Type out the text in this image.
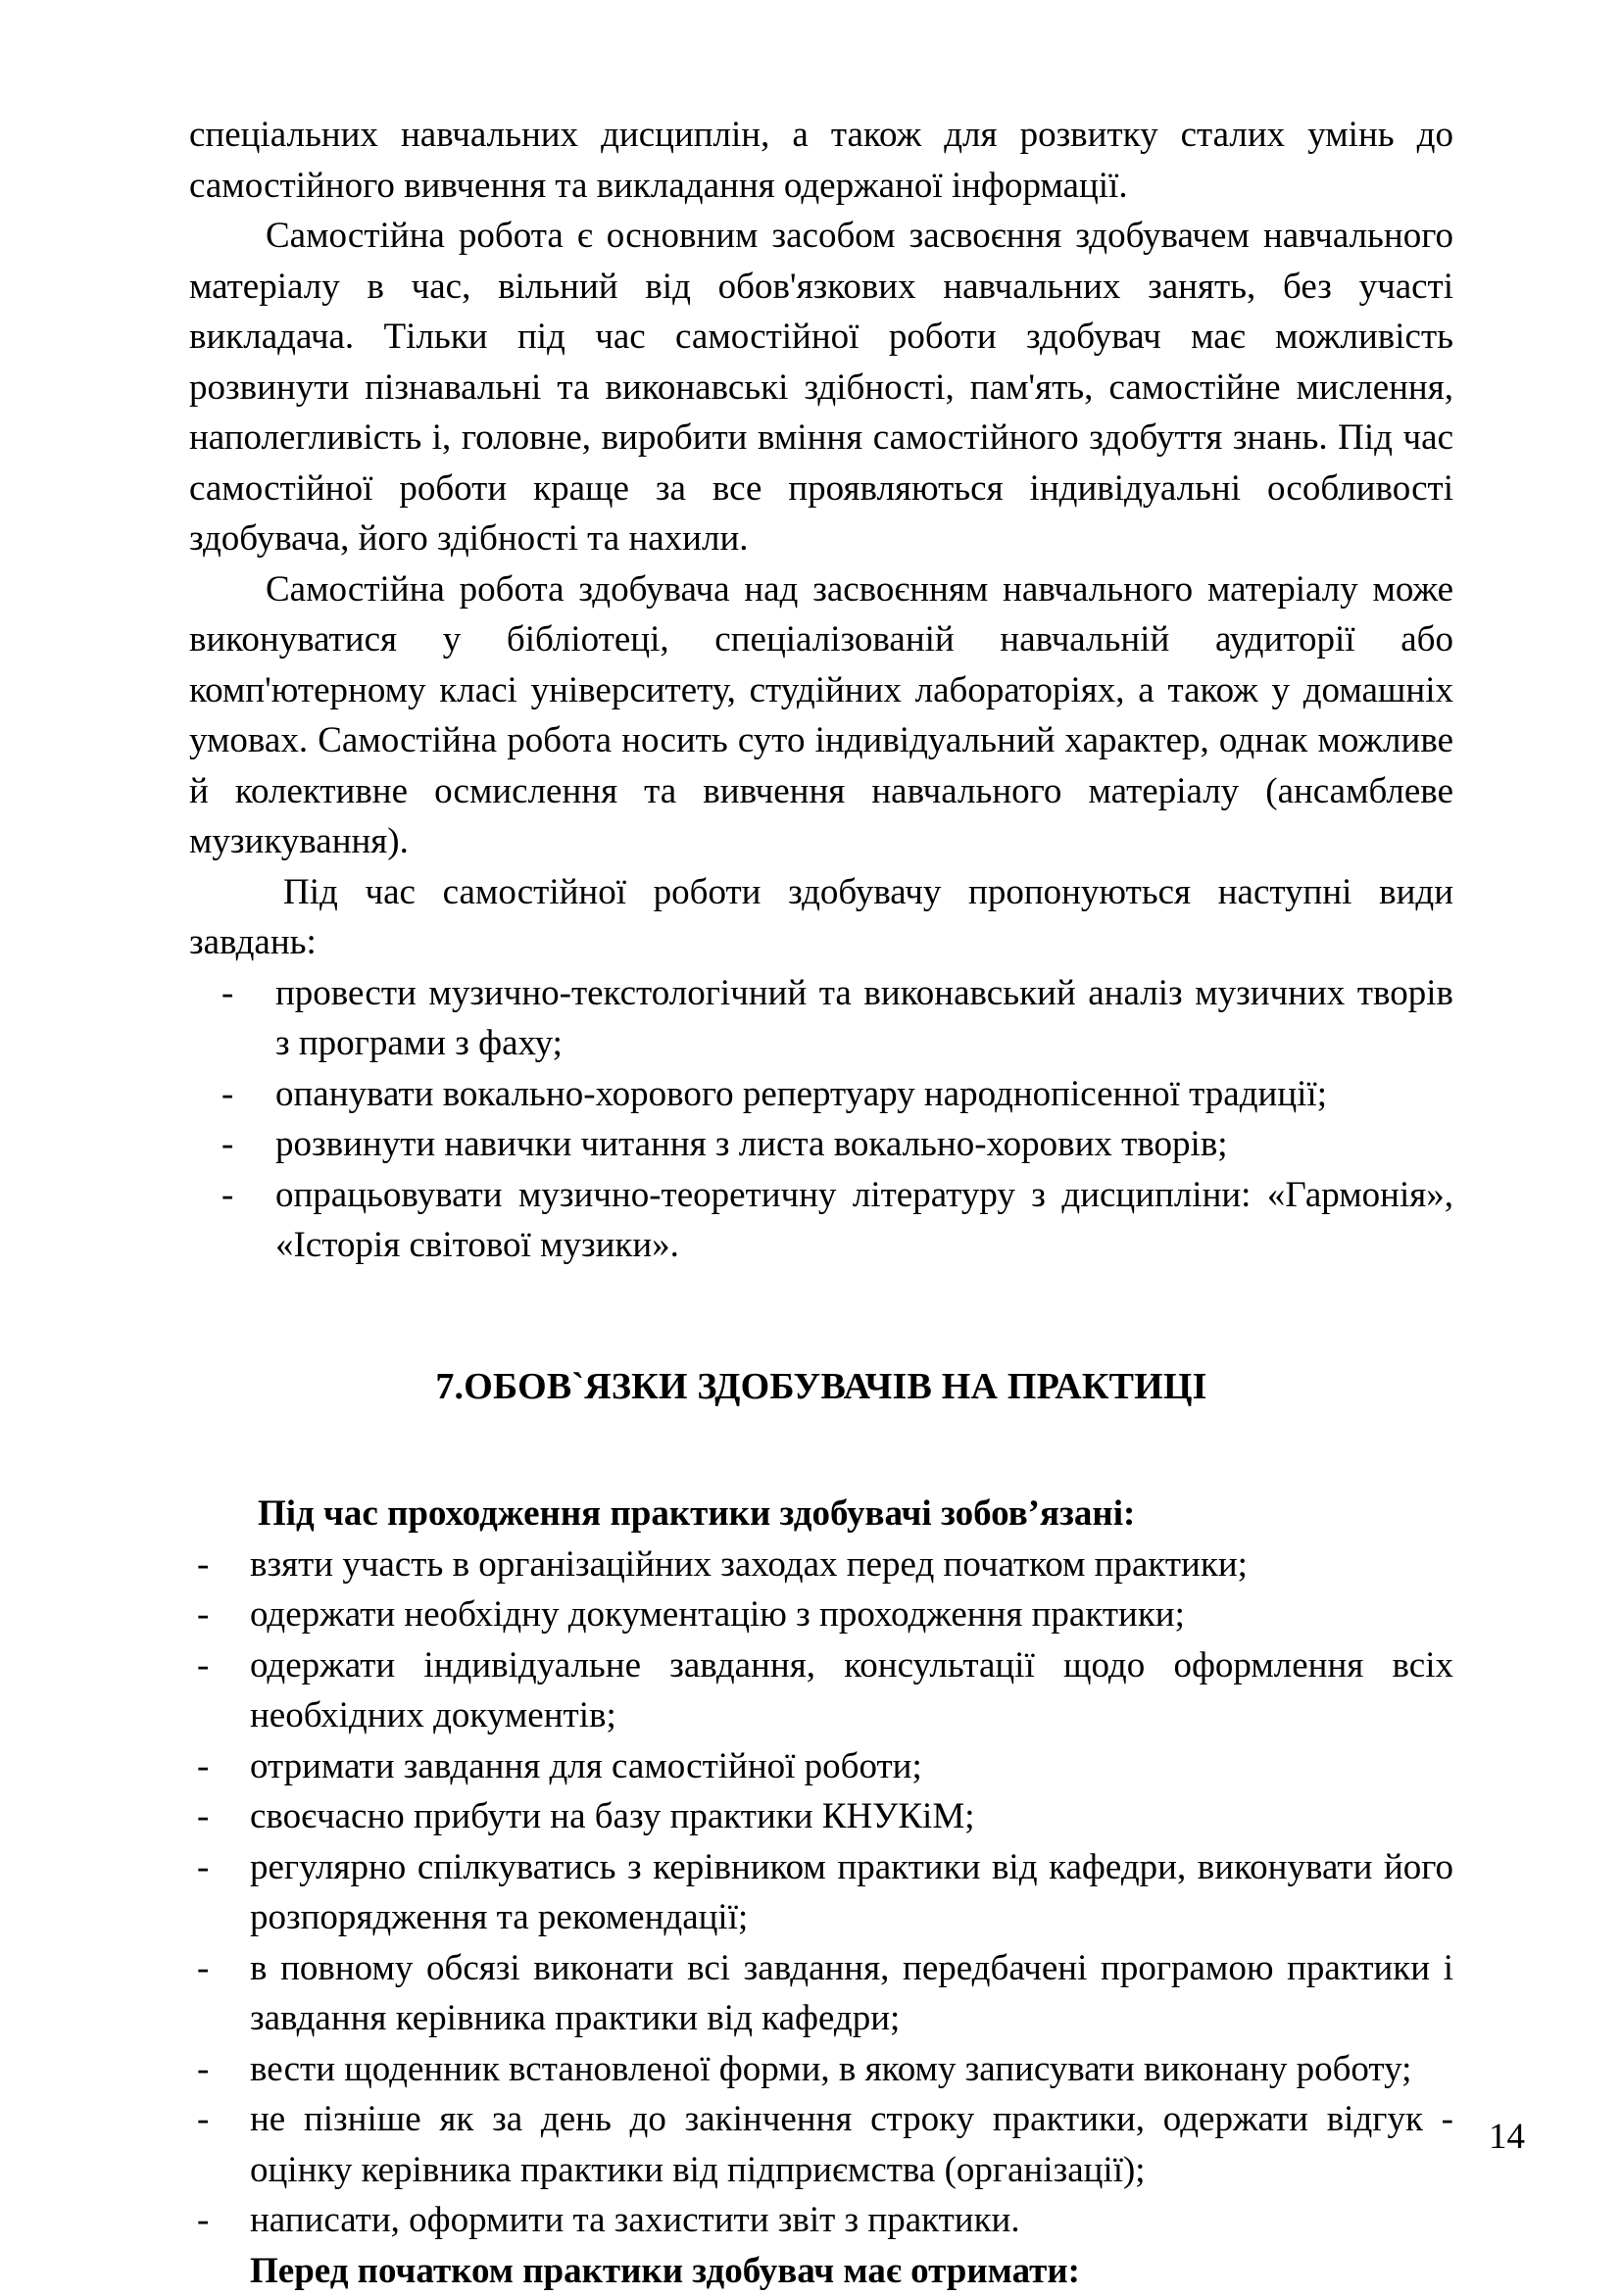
спеціальних навчальних дисциплін, а також для розвитку сталих умінь до самостійного вивчення та викладання одержаної інформації.

Самостійна робота є основним засобом засвоєння здобувачем навчального матеріалу в час, вільний від обов'язкових навчальних занять, без участі викладача. Тільки під час самостійної роботи здобувач має можливість розвинути пізнавальні та виконавські здібності, пам'ять, самостійне мислення, наполегливість і, головне, виробити вміння самостійного здобуття знань. Під час самостійної роботи краще за все проявляються індивідуальні особливості здобувача, його здібності та нахили.

Самостійна робота здобувача над засвоєнням навчального матеріалу може виконуватися у бібліотеці, спеціалізованій навчальній аудиторії або комп'ютерному класі університету, студійних лабораторіях, а також у домашніх умовах. Самостійна робота носить суто індивідуальний характер, однак можливе й колективне осмислення та вивчення навчального матеріалу (ансамблеве музикування).

Під час самостійної роботи здобувачу пропонуються наступні види завдань:

- провести музично-текстологічний та виконавський аналіз музичних творів з програми з фаху;
- опанувати вокально-хорового репертуару народнопісенної традиції;
- розвинути навички читання з листа вокально-хорових творів;
- опрацьовувати музично-теоретичну літературу з дисципліни: «Гармонія», «Історія світової музики».
7.ОБОВ`ЯЗКИ ЗДОБУВАЧІВ НА ПРАКТИЦІ

Під час проходження практики здобувачі зобов’язані:

- взяти участь в організаційних заходах перед початком практики;
- одержати необхідну документацію з проходження практики;
- одержати індивідуальне завдання, консультації щодо оформлення всіх необхідних документів;
- отримати завдання для самостійної роботи;
- своєчасно прибути на базу практики КНУКіМ;
- регулярно спілкуватись з керівником практики від кафедри, виконувати його розпорядження та рекомендації;
- в повному обсязі виконати всі завдання, передбачені програмою практики і завдання керівника практики від кафедри;
- вести щоденник встановленої форми, в якому записувати виконану роботу;
- не пізніше як за день до закінчення строку практики, одержати відгук - оцінку керівника практики від підприємства (організації);
- написати, оформити та захистити звіт з практики.

Перед початком практики здобувач має отримати:

14
